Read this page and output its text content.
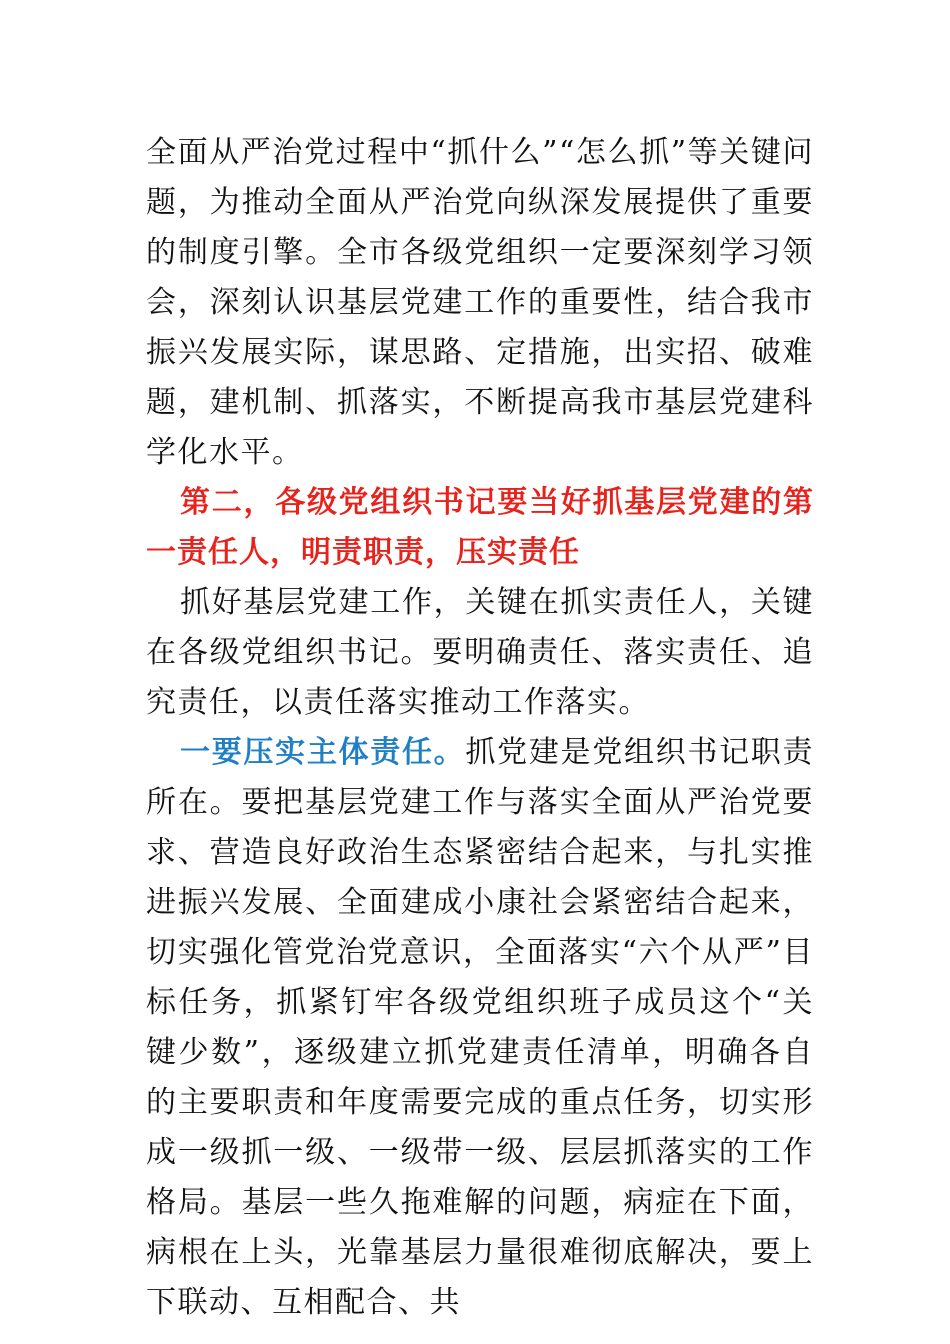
全面从严治党过程中“抓什么”“怎么抓”等关键问题，为推动全面从严治党向纵深发展提供了重要的制度引擎。全市各级党组织一定要深刻学习领会，深刻认识基层党建工作的重要性，结合我市振兴发展实际，谋思路、定措施，出实招、破难题，建机制、抓落实，不断提高我市基层党建科学化水平。

第二，各级党组织书记要当好抓基层党建的第一责任人，明责职责，压实责任

抓好基层党建工作，关键在抓实责任人，关键在各级党组织书记。要明确责任、落实责任、追究责任，以责任落实推动工作落实。

一要压实主体责任。抓党建是党组织书记职责所在。要把基层党建工作与落实全面从严治党要求、营造良好政治生态紧密结合起来，与扎实推进振兴发展、全面建成小康社会紧密结合起来，切实强化管党治党意识，全面落实“六个从严”目标任务，抓紧钉牢各级党组织班子成员这个“关键少数”，逐级建立抓党建责任清单，明确各自的主要职责和年度需要完成的重点任务，切实形成一级抓一级、一级带一级、层层抓落实的工作格局。基层一些久拖难解的问题，病症在下面，病根在上头，光靠基层力量很难彻底解决，要上下联动、互相配合、共
